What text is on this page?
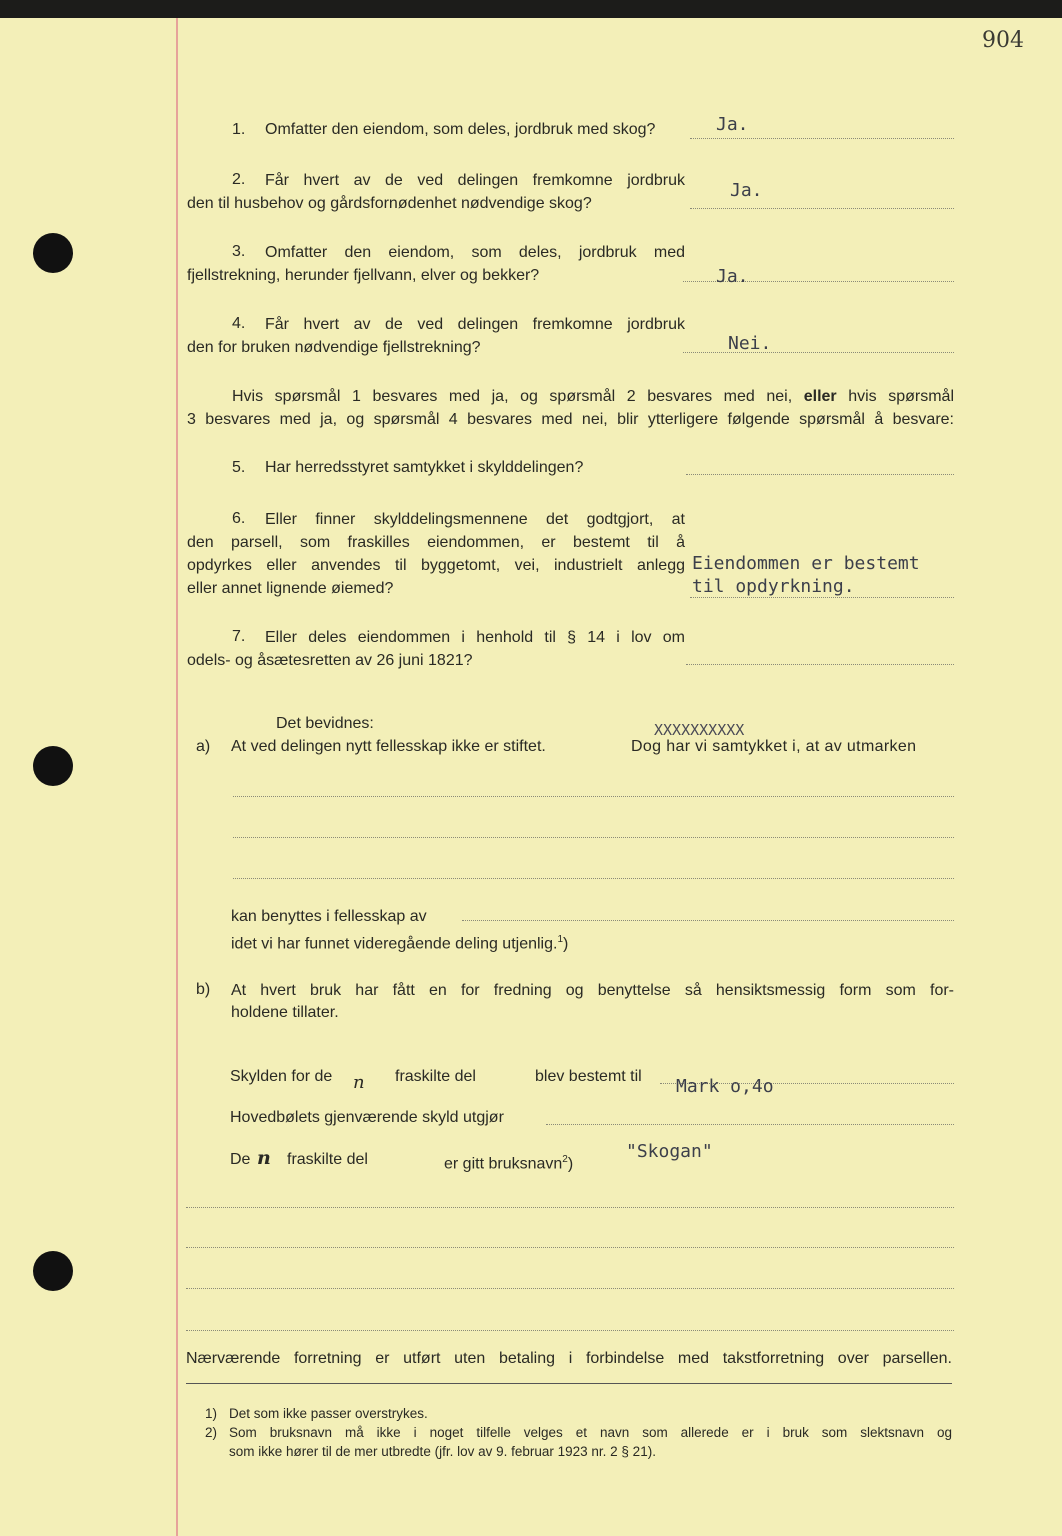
904
1. Omfatter den eiendom, som deles, jordbruk med skog?	Ja.
2. Får hvert av de ved delingen fremkomne jordbruk
den til husbehov og gårdsfornødenhet nødvendige skog?
Ja.
3. Omfatter den eiendom, som deles, jordbruk med
fjellstrekning, herunder fjellvann, elver og bekker?	Ja.
4. Får hvert av de ved delingen fremkomne jordbruk
den for bruken nødvendige fjellstrekning?	Nei.
Hvis spørsmål 1 besvares med ja, og spørsmål 2 besvares med nei, eller hvis spørsmål
3 besvares med ja, og spørsmål 4 besvares med nei, blir ytterligere følgende spørsmål å besvare:
5. Har herredsstyret samtykket i skylddelingen?
6. Eller finner skylddelingsmennene det godtgjort, at
den parsell, som fraskilles eiendommen, er bestemt til å
opdyrkes eller anvendes til byggetomt, vei, industrielt anlegg
eller annet lignende øiemed?
Eiendommen er bestemt
til opdyrkning.
7. Eller deles eiendommen i henhold til § 14 i lov om
odels- og åsætesretten av 26 juni 1821?
Det bevidnes:
a) At ved delingen nytt fellesskap ikke er stiftet.	Dog har vi samtykket i, at av utmarken
XXXXXXXXXX
kan benyttes i fellesskap av
idet vi har funnet videregående deling utjenlig.$^1$)
b) At hvert bruk har fått en for fredning og benyttelse så hensiktsmessig form som for-
holdene tillater.
Skylden for de n fraskilte del	blev bestemt til Mark o,4o
Hovedbølets gjenværende skyld utgjør
De n fraskilte del	er gitt bruksnavn$^2$)
"Skogan"
Nærværende forretning er utført uten betaling i forbindelse med takstforretning over parsellen.
1) Det som ikke passer overstrykes.
2) Som bruksnavn må ikke i noget tilfelle velges et navn som allerede er i bruk som slektsnavn og
som ikke hører til de mer utbredte (jfr. lov av 9. februar 1923 nr. 2 § 21).
